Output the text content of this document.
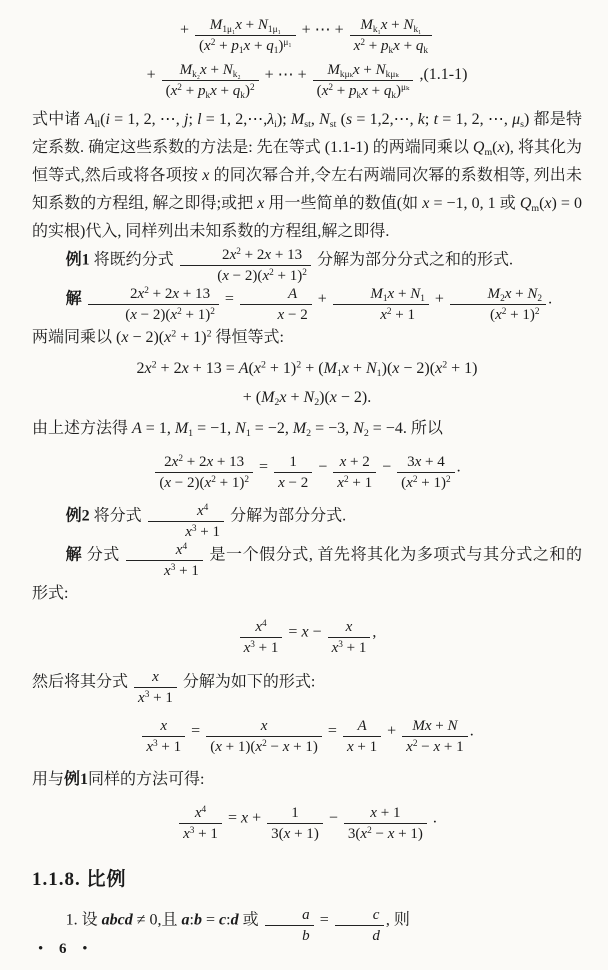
+ $\frac{M_{1\mu_1}x + N_{1\mu_1}}{(x^2 + p_1x + q_1)^{\mu_1}}$ + ⋯ + $\frac{M_{k_1}x + N_{k_1}}{x^2 + p_kx + q_k}$
+ $\frac{M_{k_2}x + N_{k_2}}{(x^2 + p_kx + q_k)^2}$ + ⋯ + $\frac{M_{k\mu_k}x + N_{k\mu_k}}{(x^2 + p_kx + q_k)^{\mu_k}} ,(1.1-1)$
式中诸 $A_{il}(i = 1$, 2, ⋯, j; l = 1, $2,\cdots,\lambda_i$); $M_{st}$, $N_{st}$ (s = 1,2,⋯, k; t = 1, 2, ⋯, $\mu_s$) 都是特定系数. 确定这些系数的方法是: 先在等式 (1.1-1) 的两端同乘以 $Q_m(x)$, 将其化为恒等式,然后或将各项按 x 的同次幂合并,令左右两端同次幂的系数相等, 列出未知系数的方程组, 解之即得;或把 x 用一些简单的数值(如 x = −1, 0, 1 或 $Q_m(x) = 0$ 的实根)代入, 同样列出未知系数的方程组,解之即得.
例1 将既约分式 $\frac{2x^2 + 2x + 13}{(x - 2)(x^2 + 1)^2}$ 分解为部分分式之和的形式.
解 $\frac{2x^2 + 2x + 13}{(x - 2)(x^2 + 1)^2} = \frac{A}{x - 2} + \frac{M_1x + N_1}{x^2 + 1} + \frac{M_2x + N_2}{(x^2 + 1)^2}$ .
两端同乘以 $(x - 2)(x^2 + 1)^2$ 得恒等式:
$2x^2 + 2x + 13 = A(x^2 + 1)^2 + (M_1x + N_1)(x - 2)(x^2 + 1)$
+ $(M_2x + N_2)(x - 2)$.
由上述方法得 A = 1, $M_1 = -1$, $N_1 = -2$, $M_2 = -3$, $N_2 = -4$. 所以
$\frac{2x^2 + 2x + 13}{(x - 2)(x^2 + 1)^2} = \frac{1}{x - 2} - \frac{x + 2}{x^2 + 1} - \frac{3x + 4}{(x^2 + 1)^2}$ .
例2 将分式 $\frac{x^4}{x^3 + 1}$ 分解为部分分式.
解 分式 $\frac{x^4}{x^3 + 1}$ 是一个假分式, 首先将其化为多项式与其分式之和的形式:
$\frac{x^4}{x^3 + 1} = x - \frac{x}{x^3 + 1}$ ,
然后将其分式 $\frac{x}{x^3 + 1}$ 分解为如下的形式:
$\frac{x}{x^3 + 1} = \frac{x}{(x + 1)(x^2 - x + 1)} = \frac{A}{x + 1} + \frac{Mx + N}{x^2 - x + 1}$ .
用与例1同样的方法可得:
$\frac{x^4}{x^3 + 1} = x + \frac{1}{3(x + 1)} - \frac{x + 1}{3(x^2 - x + 1)}$ .
1.1.8. 比例
1. 设 abcd ≠ 0,且 a:b = c:d 或 $\frac{a}{b} = \frac{c}{d}$ , 则
• 6 •
